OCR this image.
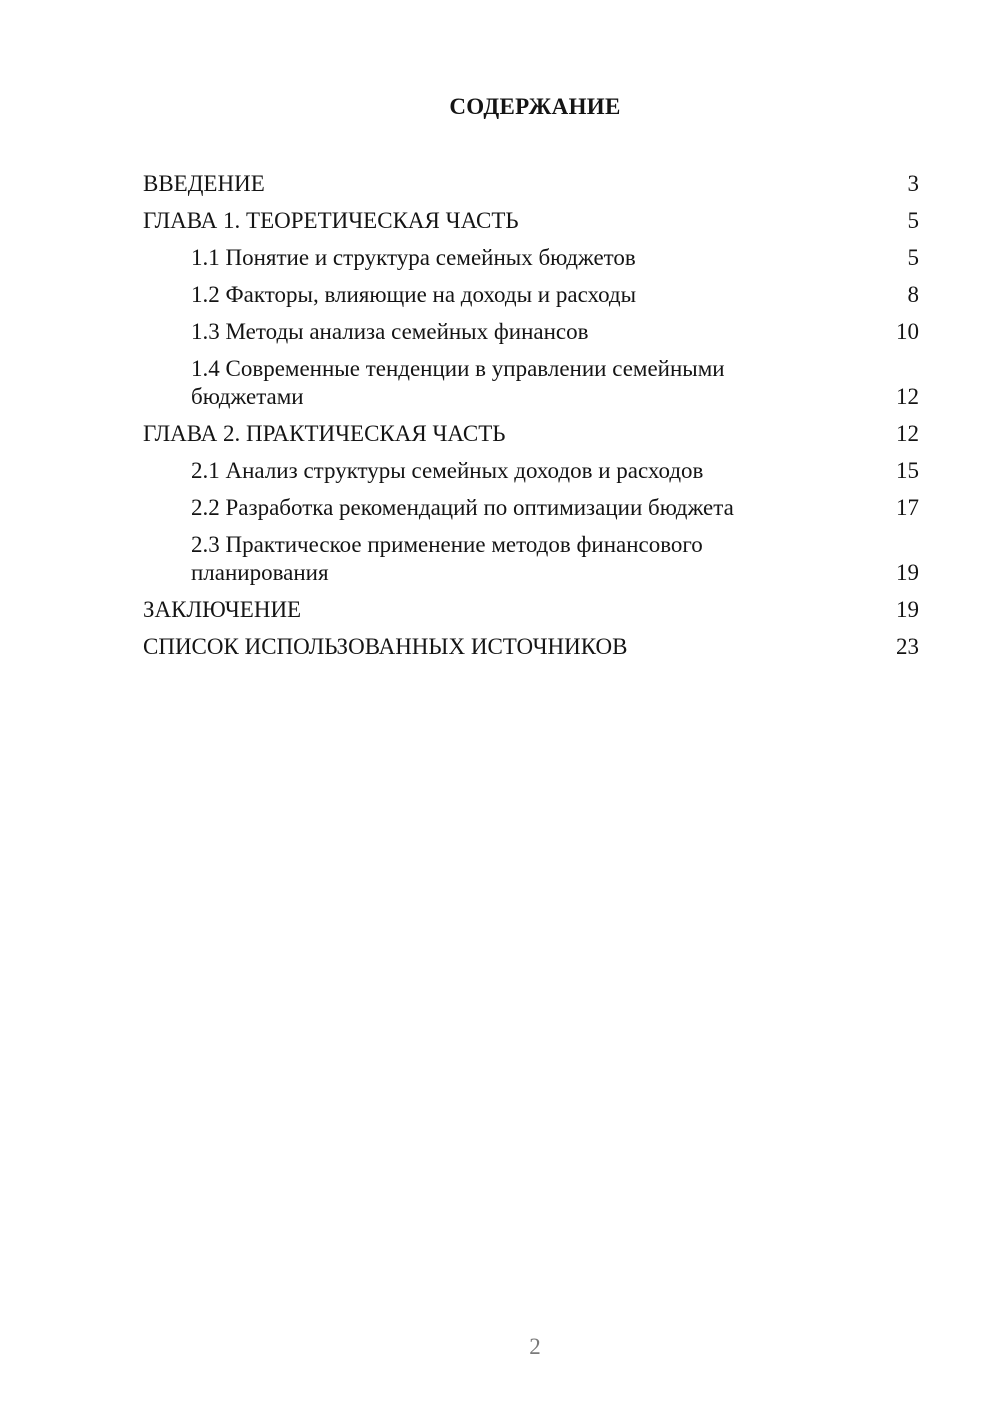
СОДЕРЖАНИЕ
ВВЕДЕНИЕ	3
ГЛАВА 1. ТЕОРЕТИЧЕСКАЯ ЧАСТЬ	5
1.1 Понятие и структура семейных бюджетов	5
1.2 Факторы, влияющие на доходы и расходы	8
1.3 Методы анализа семейных финансов	10
1.4 Современные тенденции в управлении семейными бюджетами	12
ГЛАВА 2. ПРАКТИЧЕСКАЯ ЧАСТЬ	12
2.1 Анализ структуры семейных доходов и расходов	15
2.2 Разработка рекомендаций по оптимизации бюджета	17
2.3 Практическое применение методов финансового планирования	19
ЗАКЛЮЧЕНИЕ	19
СПИСОК ИСПОЛЬЗОВАННЫХ ИСТОЧНИКОВ	23
2
